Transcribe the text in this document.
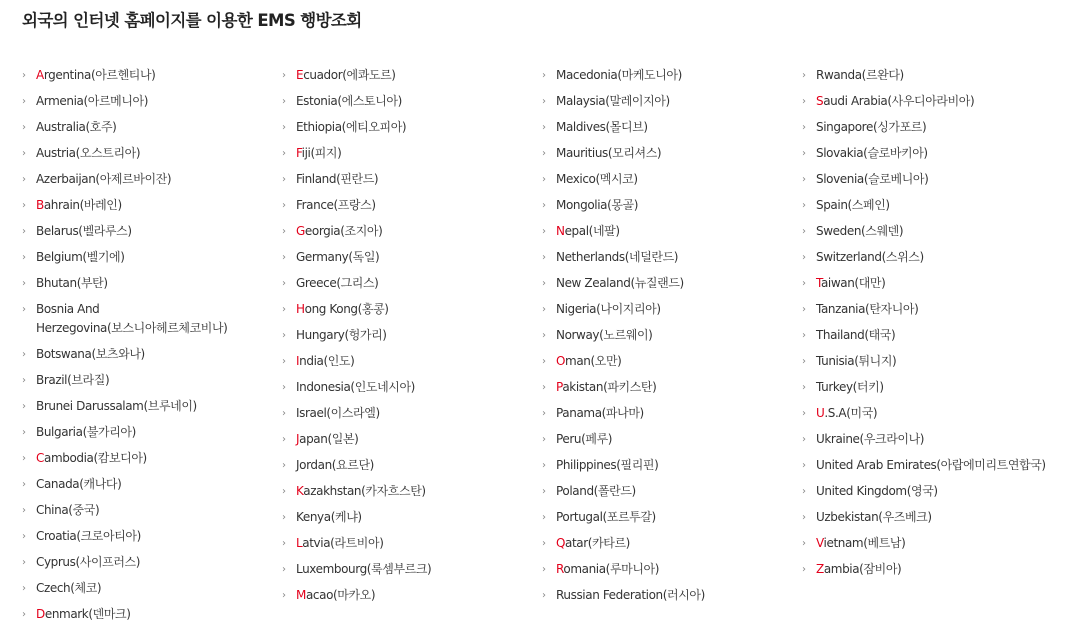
외국의 인터넷 홈페이지를 이용한 EMS 행방조회
› Argentina(아르헨티나)
› Armenia(아르메니아)
› Australia(호주)
› Austria(오스트리아)
› Azerbaijan(아제르바이잔)
› Bahrain(바레인)
› Belarus(벨라루스)
› Belgium(벨기에)
› Bhutan(부탄)
› Bosnia And
Herzegovina(보스니아헤르체코비나)
› Botswana(보츠와나)
› Brazil(브라질)
› Brunei Darussalam(브루네이)
› Bulgaria(불가리아)
› Cambodia(캄보디아)
› Canada(캐나다)
› China(중국)
› Croatia(크로아티아)
› Cyprus(사이프러스)
› Czech(체코)
› Denmark(덴마크)
› Ecuador(에콰도르)
› Estonia(에스토니아)
› Ethiopia(에티오피아)
› Fiji(피지)
› Finland(핀란드)
› France(프랑스)
› Georgia(조지아)
› Germany(독일)
› Greece(그리스)
› Hong Kong(홍콩)
› Hungary(헝가리)
› India(인도)
› Indonesia(인도네시아)
› Israel(이스라엘)
› Japan(일본)
› Jordan(요르단)
› Kazakhstan(카자흐스탄)
› Kenya(케냐)
› Latvia(라트비아)
› Luxembourg(룩셈부르크)
› Macao(마카오)
› Macedonia(마케도니아)
› Malaysia(말레이지아)
› Maldives(몰디브)
› Mauritius(모리셔스)
› Mexico(멕시코)
› Mongolia(몽골)
› Nepal(네팔)
› Netherlands(네덜란드)
› New Zealand(뉴질랜드)
› Nigeria(나이지리아)
› Norway(노르웨이)
› Oman(오만)
› Pakistan(파키스탄)
› Panama(파나마)
› Peru(페루)
› Philippines(필리핀)
› Poland(폴란드)
› Portugal(포르투갈)
› Qatar(카타르)
› Romania(루마니아)
› Russian Federation(러시아)
› Rwanda(르완다)
› Saudi Arabia(사우디아라비아)
› Singapore(싱가포르)
› Slovakia(슬로바키아)
› Slovenia(슬로베니아)
› Spain(스페인)
› Sweden(스웨덴)
› Switzerland(스위스)
› Taiwan(대만)
› Tanzania(탄자니아)
› Thailand(태국)
› Tunisia(튀니지)
› Turkey(터키)
› U.S.A(미국)
› Ukraine(우크라이나)
› United Arab Emirates(아랍에미리트연합국)
› United Kingdom(영국)
› Uzbekistan(우즈베크)
› Vietnam(베트남)
› Zambia(잠비아)
